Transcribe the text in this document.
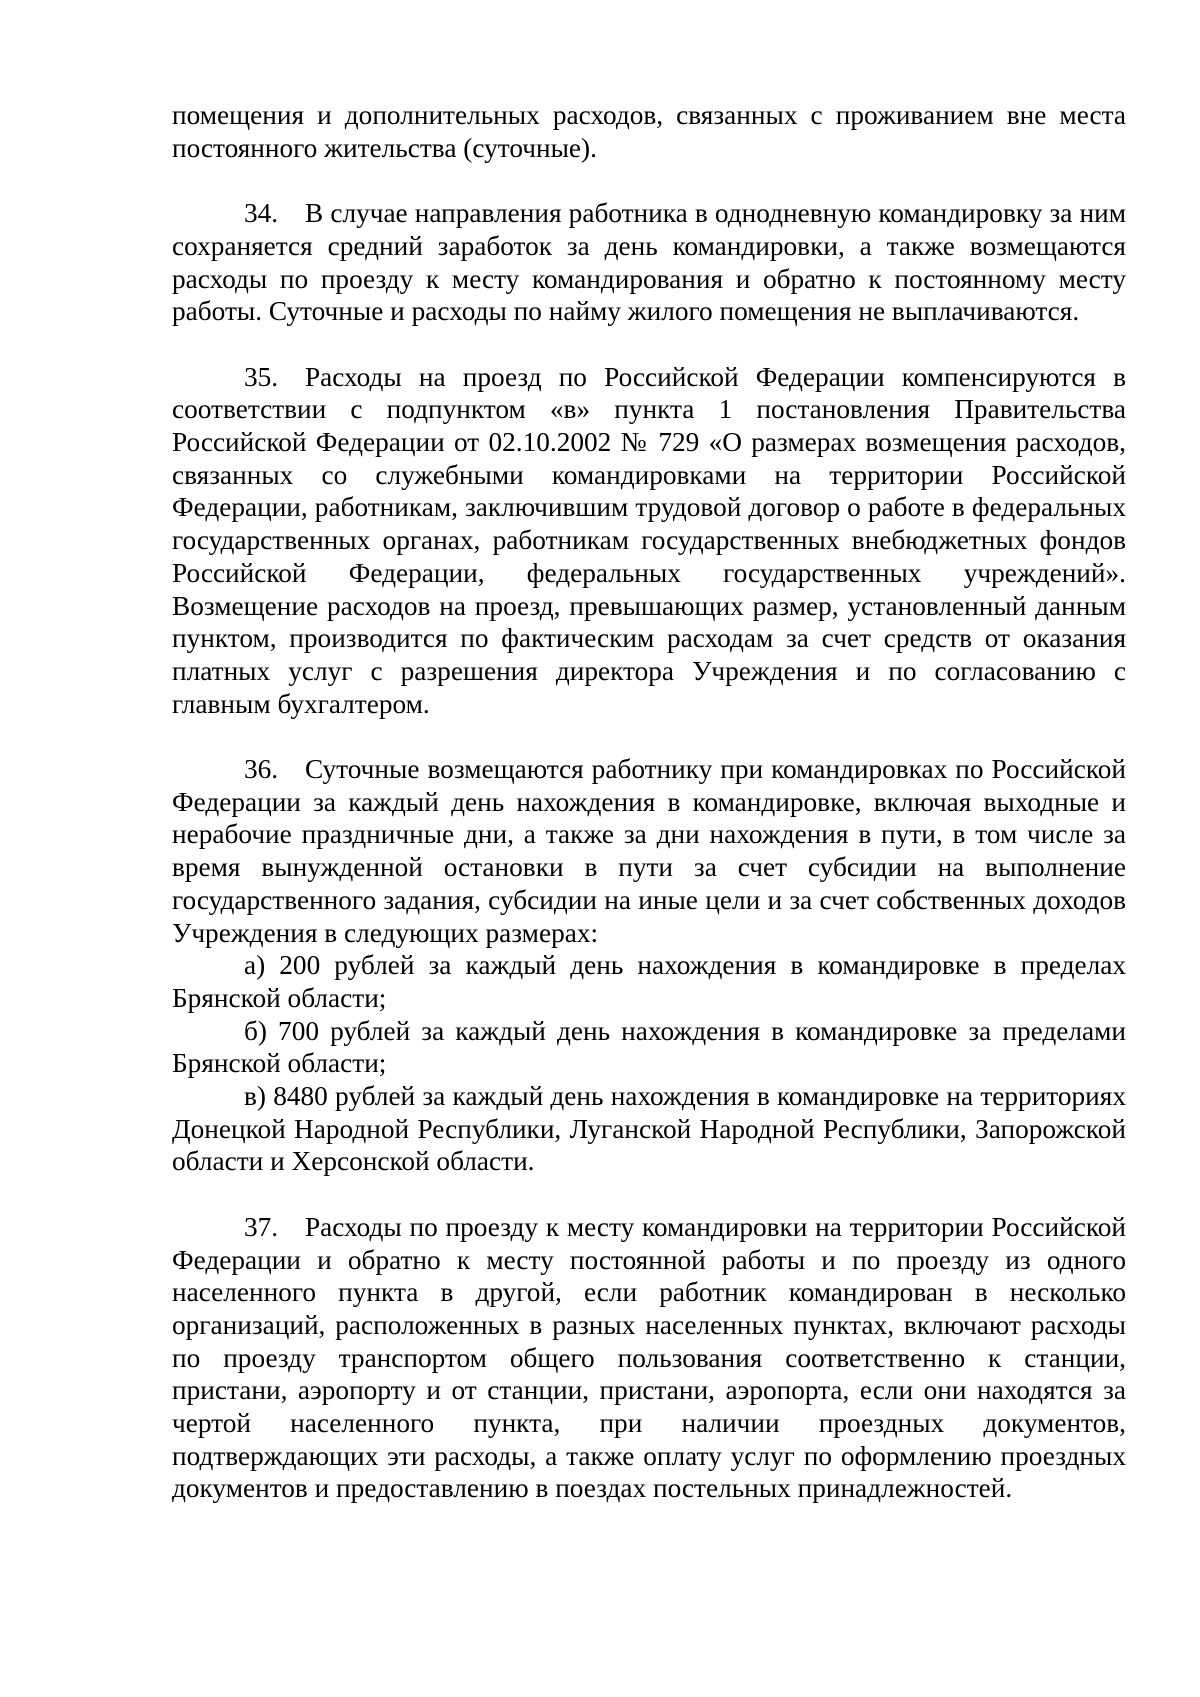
помещения и дополнительных расходов, связанных с проживанием вне места постоянного жительства (суточные).

34. В случае направления работника в однодневную командировку за ним сохраняется средний заработок за день командировки, а также возмещаются расходы по проезду к месту командирования и обратно к постоянному месту работы. Суточные и расходы по найму жилого помещения не выплачиваются.

35. Расходы на проезд по Российской Федерации компенсируются в соответствии с подпунктом «в» пункта 1 постановления Правительства Российской Федерации от 02.10.2002 № 729 «О размерах возмещения расходов, связанных со служебными командировками на территории Российской Федерации, работникам, заключившим трудовой договор о работе в федеральных государственных органах, работникам государственных внебюджетных фондов Российской Федерации, федеральных государственных учреждений». Возмещение расходов на проезд, превышающих размер, установленный данным пунктом, производится по фактическим расходам за счет средств от оказания платных услуг с разрешения директора Учреждения и по согласованию с главным бухгалтером.

36. Суточные возмещаются работнику при командировках по Российской Федерации за каждый день нахождения в командировке, включая выходные и нерабочие праздничные дни, а также за дни нахождения в пути, в том числе за время вынужденной остановки в пути за счет субсидии на выполнение государственного задания, субсидии на иные цели и за счет собственных доходов Учреждения в следующих размерах:

а) 200 рублей за каждый день нахождения в командировке в пределах Брянской области;

б) 700 рублей за каждый день нахождения в командировке за пределами Брянской области;

в) 8480 рублей за каждый день нахождения в командировке на территориях Донецкой Народной Республики, Луганской Народной Республики, Запорожской области и Херсонской области.

37. Расходы по проезду к месту командировки на территории Российской Федерации и обратно к месту постоянной работы и по проезду из одного населенного пункта в другой, если работник командирован в несколько организаций, расположенных в разных населенных пунктах, включают расходы по проезду транспортом общего пользования соответственно к станции, пристани, аэропорту и от станции, пристани, аэропорта, если они находятся за чертой населенного пункта, при наличии проездных документов, подтверждающих эти расходы, а также оплату услуг по оформлению проездных документов и предоставлению в поездах постельных принадлежностей.
